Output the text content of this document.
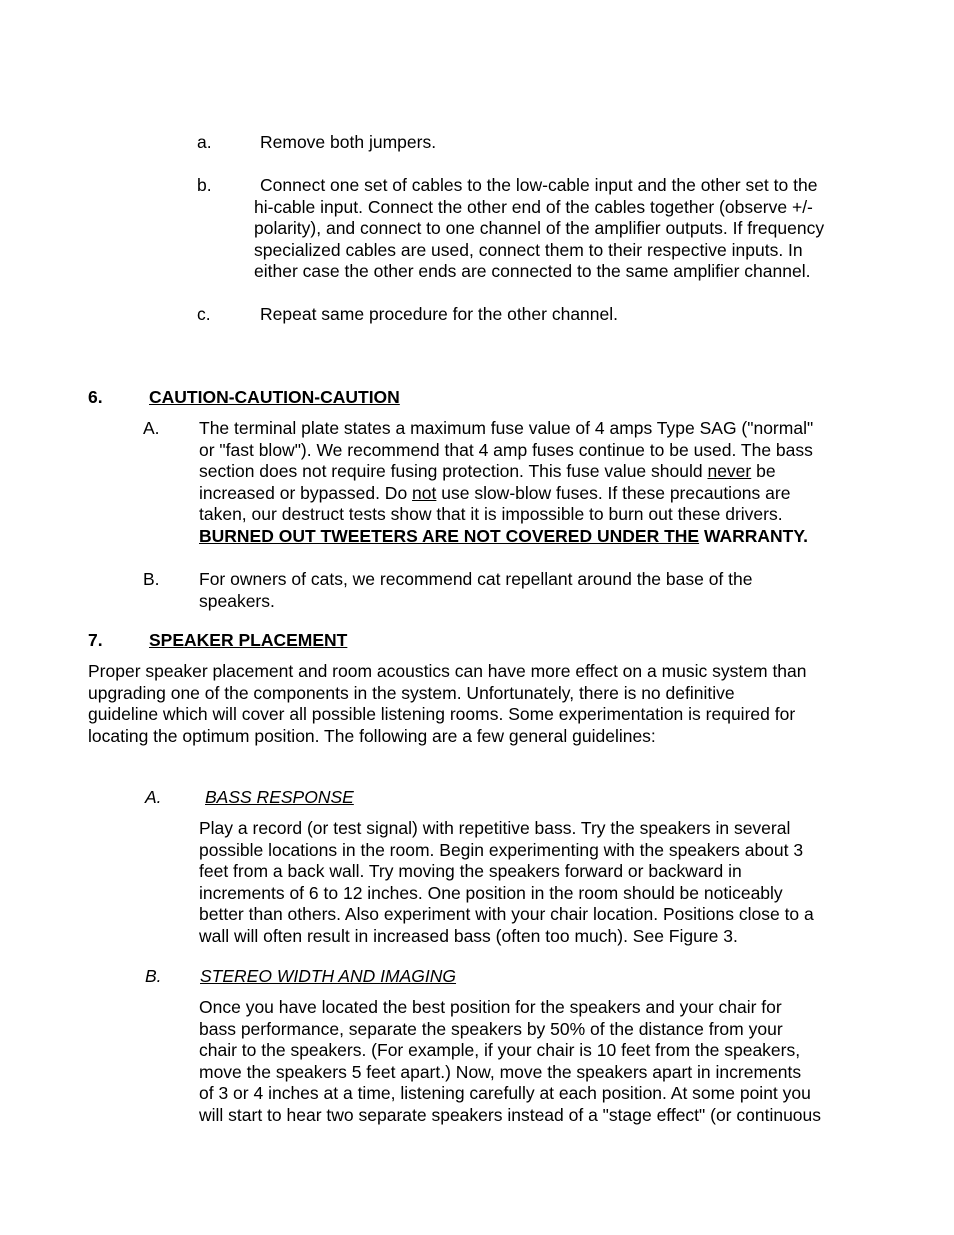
a.	Remove both jumpers.
b.	Connect one set of cables to the low-cable input and the other set to the
hi-cable input. Connect the other end of the cables together (observe +/-
polarity), and connect to one channel of the amplifier outputs. If frequency
specialized cables are used, connect them to their respective inputs. In
either case the other ends are connected to the same amplifier channel.
c.	Repeat same procedure for the other channel.
6.	CAUTION-CAUTION-CAUTION
A.	The terminal plate states a maximum fuse value of 4 amps Type SAG ("normal"
or "fast blow"). We recommend that 4 amp fuses continue to be used. The bass
section does not require fusing protection. This fuse value should never be
increased or bypassed. Do not use slow-blow fuses. If these precautions are
taken, our destruct tests show that it is impossible to burn out these drivers.
BURNED OUT TWEETERS ARE NOT COVERED UNDER THE WARRANTY.
B.	For owners of cats, we recommend cat repellant around the base of the
speakers.
7.	SPEAKER PLACEMENT
Proper speaker placement and room acoustics can have more effect on a music system than
upgrading one of the components in the system. Unfortunately, there is no definitive
guideline which will cover all possible listening rooms. Some experimentation is required for
locating the optimum position. The following are a few general guidelines:
A. BASS RESPONSE
Play a record (or test signal) with repetitive bass. Try the speakers in several
possible locations in the room. Begin experimenting with the speakers about 3
feet from a back wall. Try moving the speakers forward or backward in
increments of 6 to 12 inches. One position in the room should be noticeably
better than others. Also experiment with your chair location. Positions close to a
wall will often result in increased bass (often too much). See Figure 3.
B. STEREO WIDTH AND IMAGING
Once you have located the best position for the speakers and your chair for
bass performance, separate the speakers by 50% of the distance from your
chair to the speakers. (For example, if your chair is 10 feet from the speakers,
move the speakers 5 feet apart.) Now, move the speakers apart in increments
of 3 or 4 inches at a time, listening carefully at each position. At some point you
will start to hear two separate speakers instead of a "stage effect" (or continuous
